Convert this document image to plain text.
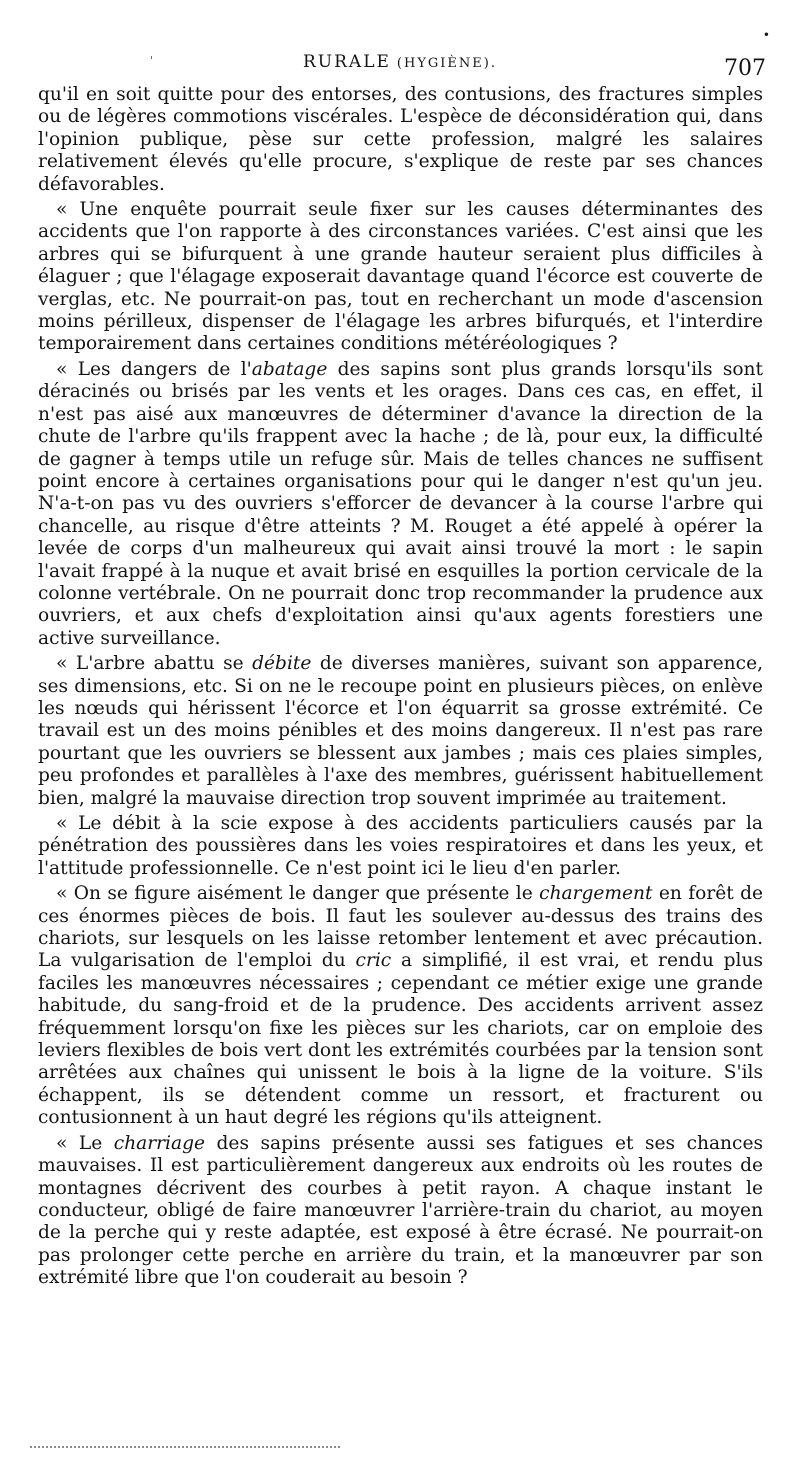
'	RURALE (HYGIÈNE).	707
•

qu'il en soit quitte pour des entorses, des contusions, des fractures simples ou de légères commotions viscérales. L'espèce de déconsidération qui, dans l'opinion publique, pèse sur cette profession, malgré les salaires relativement élevés qu'elle procure, s'explique de reste par ses chances défavorables.

« Une enquête pourrait seule fixer sur les causes déterminantes des accidents que l'on rapporte à des circonstances variées. C'est ainsi que les arbres qui se bifurquent à une grande hauteur seraient plus difficiles à élaguer ; que l'élagage exposerait davantage quand l'écorce est couverte de verglas, etc. Ne pourrait-on pas, tout en recherchant un mode d'ascension moins périlleux, dispenser de l'élagage les arbres bifurqués, et l'interdire temporairement dans certaines conditions météréologiques ?

« Les dangers de l'abatage des sapins sont plus grands lorsqu'ils sont déracinés ou brisés par les vents et les orages. Dans ces cas, en effet, il n'est pas aisé aux manœuvres de déterminer d'avance la direction de la chute de l'arbre qu'ils frappent avec la hache ; de là, pour eux, la difficulté de gagner à temps utile un refuge sûr. Mais de telles chances ne suffisent point encore à certaines organisations pour qui le danger n'est qu'un jeu. N'a-t-on pas vu des ouvriers s'efforcer de devancer à la course l'arbre qui chancelle, au risque d'être atteints ? M. Rouget a été appelé à opérer la levée de corps d'un malheureux qui avait ainsi trouvé la mort : le sapin l'avait frappé à la nuque et avait brisé en esquilles la portion cervicale de la colonne vertébrale. On ne pourrait donc trop recommander la prudence aux ouvriers, et aux chefs d'exploitation ainsi qu'aux agents forestiers une active surveillance.

« L'arbre abattu se débite de diverses manières, suivant son apparence, ses dimensions, etc. Si on ne le recoupe point en plusieurs pièces, on enlève les nœuds qui hérissent l'écorce et l'on équarrit sa grosse extrémité. Ce travail est un des moins pénibles et des moins dangereux. Il n'est pas rare pourtant que les ouvriers se blessent aux jambes ; mais ces plaies simples, peu profondes et parallèles à l'axe des membres, guérissent habituellement bien, malgré la mauvaise direction trop souvent imprimée au traitement.

« Le débit à la scie expose à des accidents particuliers causés par la pénétration des poussières dans les voies respiratoires et dans les yeux, et l'attitude professionnelle. Ce n'est point ici le lieu d'en parler.

« On se figure aisément le danger que présente le chargement en forêt de ces énormes pièces de bois. Il faut les soulever au-dessus des trains des chariots, sur lesquels on les laisse retomber lentement et avec précaution. La vulgarisation de l'emploi du cric a simplifié, il est vrai, et rendu plus faciles les manœuvres nécessaires ; cependant ce métier exige une grande habitude, du sang-froid et de la prudence. Des accidents arrivent assez fréquemment lorsqu'on fixe les pièces sur les chariots, car on emploie des leviers flexibles de bois vert dont les extrémités courbées par la tension sont arrêtées aux chaînes qui unissent le bois à la ligne de la voiture. S'ils échappent, ils se détendent comme un ressort, et fracturent ou contusionnent à un haut degré les régions qu'ils atteignent.

« Le charriage des sapins présente aussi ses fatigues et ses chances mauvaises. Il est particulièrement dangereux aux endroits où les routes de montagnes décrivent des courbes à petit rayon. A chaque instant le conducteur, obligé de faire manœuvrer l'arrière-train du chariot, au moyen de la perche qui y reste adaptée, est exposé à être écrasé. Ne pourrait-on pas prolonger cette perche en arrière du train, et la manœuvrer par son extrémité libre que l'on couderait au besoin ?
